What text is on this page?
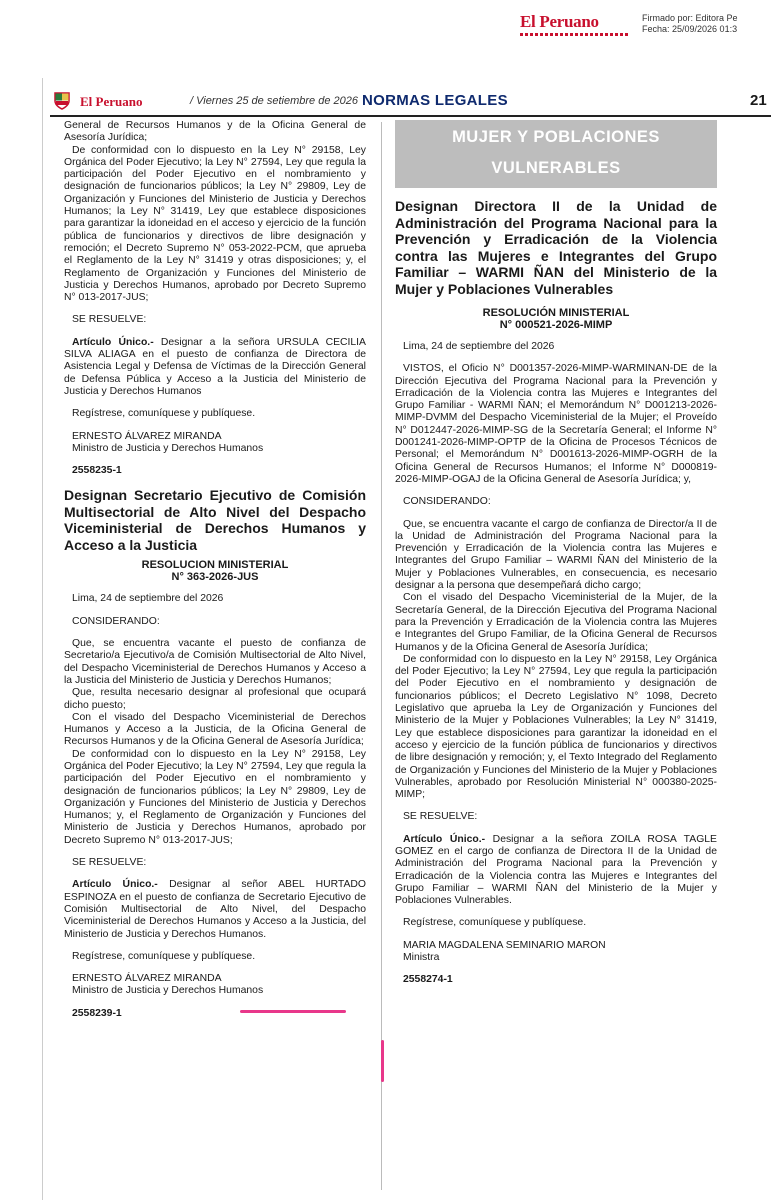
El Peruano	Firmado por: Editora Pe
Fecha: 25/09/2026 01:3
El Peruano	/ Viernes 25 de setiembre de 2026 NORMAS LEGALES	21

General de Recursos Humanos y de la Oficina General de Asesoría Jurídica;

De conformidad con lo dispuesto en la Ley N° 29158, Ley Orgánica del Poder Ejecutivo; la Ley N° 27594, Ley que regula la participación del Poder Ejecutivo en el nombramiento y designación de funcionarios públicos; la Ley N° 29809, Ley de Organización y Funciones del Ministerio de Justicia y Derechos Humanos; la Ley N° 31419, Ley que establece disposiciones para garantizar la idoneidad en el acceso y ejercicio de la función pública de funcionarios y directivos de libre designación y remoción; el Decreto Supremo N° 053-2022-PCM, que aprueba el Reglamento de la Ley N° 31419 y otras disposiciones; y, el Reglamento de Organización y Funciones del Ministerio de Justicia y Derechos Humanos, aprobado por Decreto Supremo N° 013-2017-JUS;

SE RESUELVE:

Artículo Único.- Designar a la señora URSULA CECILIA SILVA ALIAGA en el puesto de confianza de Directora de Asistencia Legal y Defensa de Víctimas de la Dirección General de Defensa Pública y Acceso a la Justicia del Ministerio de Justicia y Derechos Humanos

Regístrese, comuníquese y publíquese.

ERNESTO ÁLVAREZ MIRANDA

Ministro de Justicia y Derechos Humanos

2558235-1

Designan Secretario Ejecutivo de Comisión Multisectorial de Alto Nivel del Despacho Viceministerial de Derechos Humanos y Acceso a la Justicia
RESOLUCION MINISTERIAL
N° 363-2026-JUS

Lima, 24 de septiembre del 2026

CONSIDERANDO:

Que, se encuentra vacante el puesto de confianza de Secretario/a Ejecutivo/a de Comisión Multisectorial de Alto Nivel, del Despacho Viceministerial de Derechos Humanos y Acceso a la Justicia del Ministerio de Justicia y Derechos Humanos;

Que, resulta necesario designar al profesional que ocupará dicho puesto;

Con el visado del Despacho Viceministerial de Derechos Humanos y Acceso a la Justicia, de la Oficina General de Recursos Humanos y de la Oficina General de Asesoría Jurídica;

De conformidad con lo dispuesto en la Ley N° 29158, Ley Orgánica del Poder Ejecutivo; la Ley N° 27594, Ley que regula la participación del Poder Ejecutivo en el nombramiento y designación de funcionarios públicos; la Ley N° 29809, Ley de Organización y Funciones del Ministerio de Justicia y Derechos Humanos; y, el Reglamento de Organización y Funciones del Ministerio de Justicia y Derechos Humanos, aprobado por Decreto Supremo N° 013-2017-JUS;

SE RESUELVE:

Artículo Único.- Designar al señor ABEL HURTADO ESPINOZA en el puesto de confianza de Secretario Ejecutivo de Comisión Multisectorial de Alto Nivel, del Despacho Viceministerial de Derechos Humanos y Acceso a la Justicia, del Ministerio de Justicia y Derechos Humanos.

Regístrese, comuníquese y publíquese.

ERNESTO ÁLVAREZ MIRANDA

Ministro de Justicia y Derechos Humanos

2558239-1

MUJER Y POBLACIONES
VULNERABLES
Designan Directora II de la Unidad de Administración del Programa Nacional para la Prevención y Erradicación de la Violencia contra las Mujeres e Integrantes del Grupo Familiar – WARMI ÑAN del Ministerio de la Mujer y Poblaciones Vulnerables
RESOLUCIÓN MINISTERIAL
N° 000521-2026-MIMP

Lima, 24 de septiembre del 2026

VISTOS, el Oficio N° D001357-2026-MIMP-WARMINAN-DE de la Dirección Ejecutiva del Programa Nacional para la Prevención y Erradicación de la Violencia contra las Mujeres e Integrantes del Grupo Familiar - WARMI ÑAN; el Memorándum N° D001213-2026-MIMP-DVMM del Despacho Viceministerial de la Mujer; el Proveído N° D012447-2026-MIMP-SG de la Secretaría General; el Informe N° D001241-2026-MIMP-OPTP de la Oficina de Procesos Técnicos de Personal; el Memorándum N° D001613-2026-MIMP-OGRH de la Oficina General de Recursos Humanos; el Informe N° D000819-2026-MIMP-OGAJ de la Oficina General de Asesoría Jurídica; y,

CONSIDERANDO:

Que, se encuentra vacante el cargo de confianza de Director/a II de la Unidad de Administración del Programa Nacional para la Prevención y Erradicación de la Violencia contra las Mujeres e Integrantes del Grupo Familiar – WARMI ÑAN del Ministerio de la Mujer y Poblaciones Vulnerables, en consecuencia, es necesario designar a la persona que desempeñará dicho cargo;

Con el visado del Despacho Viceministerial de la Mujer, de la Secretaría General, de la Dirección Ejecutiva del Programa Nacional para la Prevención y Erradicación de la Violencia contra las Mujeres e Integrantes del Grupo Familiar, de la Oficina General de Recursos Humanos y de la Oficina General de Asesoría Jurídica;

De conformidad con lo dispuesto en la Ley N° 29158, Ley Orgánica del Poder Ejecutivo; la Ley N° 27594, Ley que regula la participación del Poder Ejecutivo en el nombramiento y designación de funcionarios públicos; el Decreto Legislativo N° 1098, Decreto Legislativo que aprueba la Ley de Organización y Funciones del Ministerio de la Mujer y Poblaciones Vulnerables; la Ley N° 31419, Ley que establece disposiciones para garantizar la idoneidad en el acceso y ejercicio de la función pública de funcionarios y directivos de libre designación y remoción; y, el Texto Integrado del Reglamento de Organización y Funciones del Ministerio de la Mujer y Poblaciones Vulnerables, aprobado por Resolución Ministerial N° 000380-2025-MIMP;

SE RESUELVE:

Artículo Único.- Designar a la señora ZOILA ROSA TAGLE GOMEZ en el cargo de confianza de Directora II de la Unidad de Administración del Programa Nacional para la Prevención y Erradicación de la Violencia contra las Mujeres e Integrantes del Grupo Familiar – WARMI ÑAN del Ministerio de la Mujer y Poblaciones Vulnerables.

Regístrese, comuníquese y publíquese.

MARIA MAGDALENA SEMINARIO MARON

Ministra

2558274-1
